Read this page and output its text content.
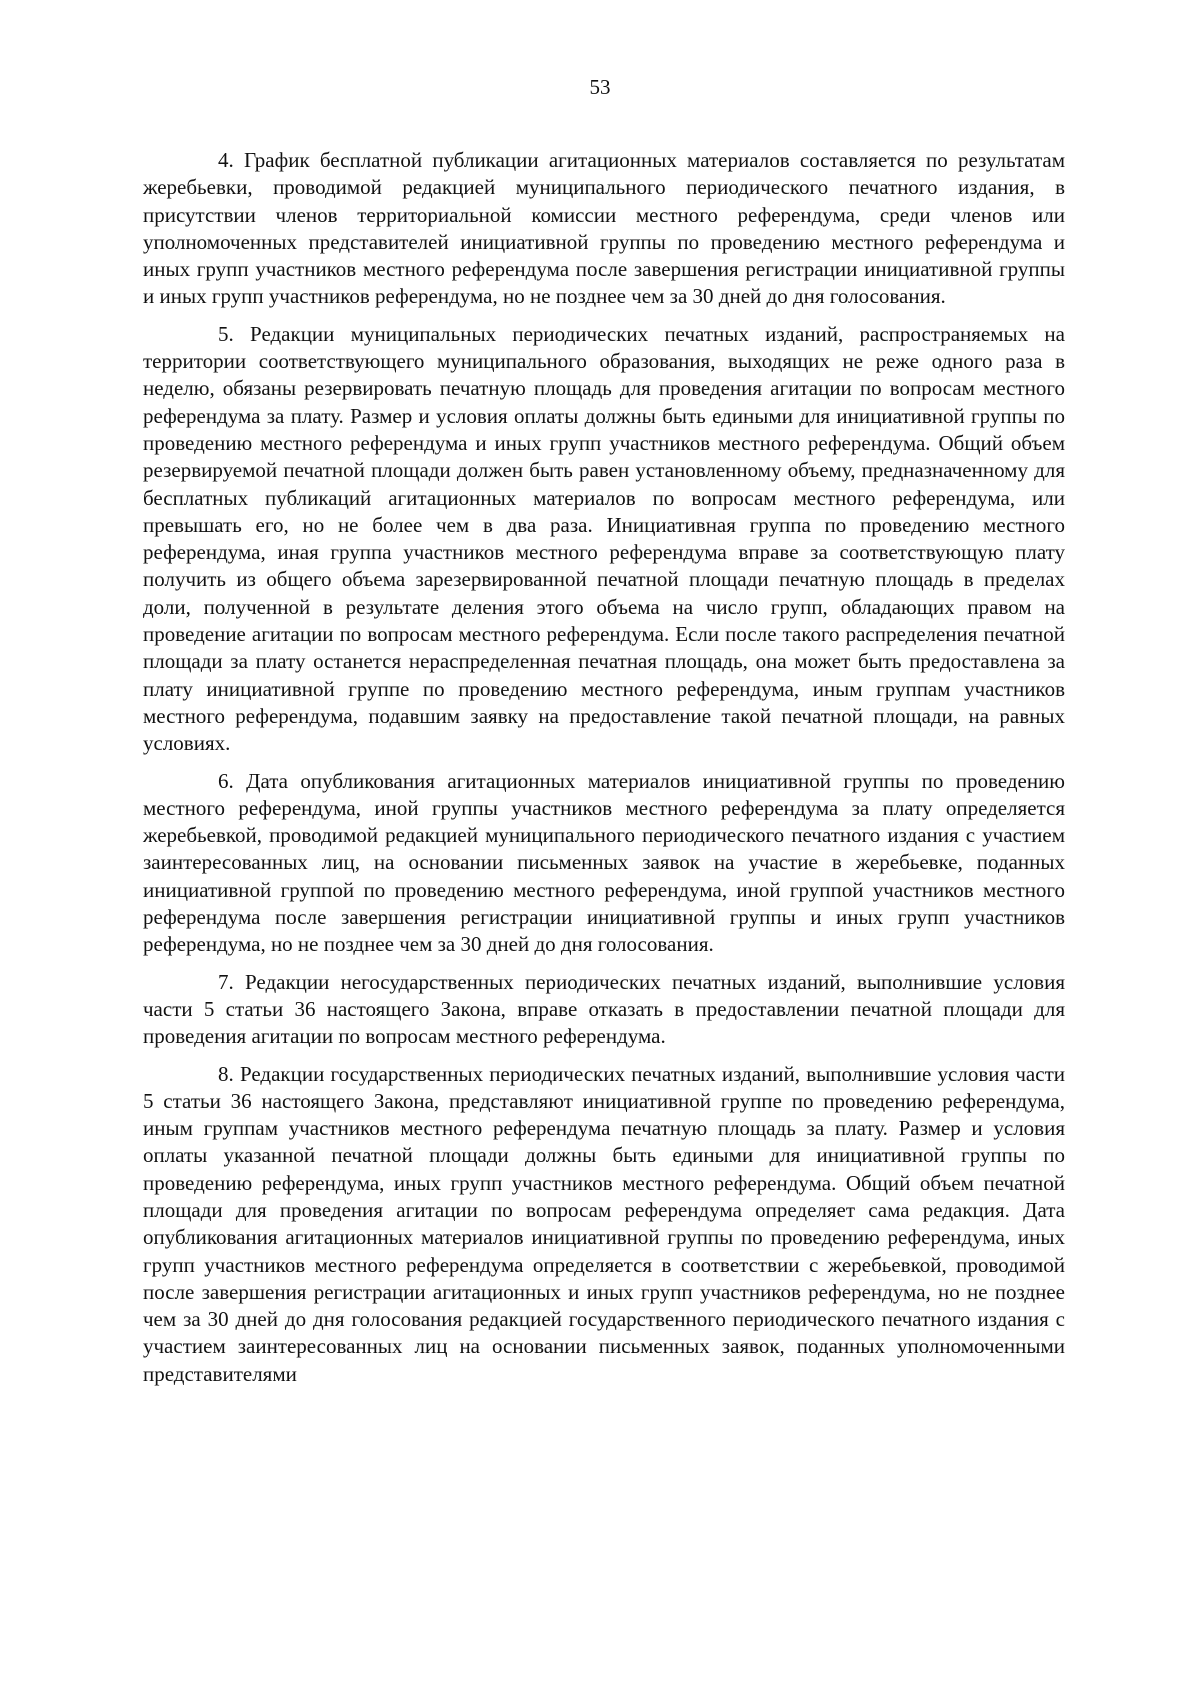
53

4. График бесплатной публикации агитационных материалов составляется по результатам жеребьевки, проводимой редакцией муниципального периодического печатного издания, в присутствии членов территориальной комиссии местного референдума, среди членов или уполномоченных представителей инициативной группы по проведению местного референдума и иных групп участников местного референдума после завершения регистрации инициативной группы и иных групп участников референдума, но не позднее чем за 30 дней до дня голосования.

5. Редакции муниципальных периодических печатных изданий, распространяемых на территории соответствующего муниципального образования, выходящих не реже одного раза в неделю, обязаны резервировать печатную площадь для проведения агитации по вопросам местного референдума за плату. Размер и условия оплаты должны быть едиными для инициативной группы по проведению местного референдума и иных групп участников местного референдума. Общий объем резервируемой печатной площади должен быть равен установленному объему, предназначенному для бесплатных публикаций агитационных материалов по вопросам местного референдума, или превышать его, но не более чем в два раза. Инициативная группа по проведению местного референдума, иная группа участников местного референдума вправе за соответствующую плату получить из общего объема зарезервированной печатной площади печатную площадь в пределах доли, полученной в результате деления этого объема на число групп, обладающих правом на проведение агитации по вопросам местного референдума. Если после такого распределения печатной площади за плату останется нераспределенная печатная площадь, она может быть предоставлена за плату инициативной группе по проведению местного референдума, иным группам участников местного референдума, подавшим заявку на предоставление такой печатной площади, на равных условиях.

6. Дата опубликования агитационных материалов инициативной группы по проведению местного референдума, иной группы участников местного референдума за плату определяется жеребьевкой, проводимой редакцией муниципального периодического печатного издания с участием заинтересованных лиц, на основании письменных заявок на участие в жеребьевке, поданных инициативной группой по проведению местного референдума, иной группой участников местного референдума после завершения регистрации инициативной группы и иных групп участников референдума, но не позднее чем за 30 дней до дня голосования.

7. Редакции негосударственных периодических печатных изданий, выполнившие условия части 5 статьи 36 настоящего Закона, вправе отказать в предоставлении печатной площади для проведения агитации по вопросам местного референдума.

8. Редакции государственных периодических печатных изданий, выполнившие условия части 5 статьи 36 настоящего Закона, представляют инициативной группе по проведению референдума, иным группам участников местного референдума печатную площадь за плату. Размер и условия оплаты указанной печатной площади должны быть едиными для инициативной группы по проведению референдума, иных групп участников местного референдума. Общий объем печатной площади для проведения агитации по вопросам референдума определяет сама редакция. Дата опубликования агитационных материалов инициативной группы по проведению референдума, иных групп участников местного референдума определяется в соответствии с жеребьевкой, проводимой после завершения регистрации агитационных и иных групп участников референдума, но не позднее чем за 30 дней до дня голосования редакцией государственного периодического печатного издания с участием заинтересованных лиц на основании письменных заявок, поданных уполномоченными представителями
